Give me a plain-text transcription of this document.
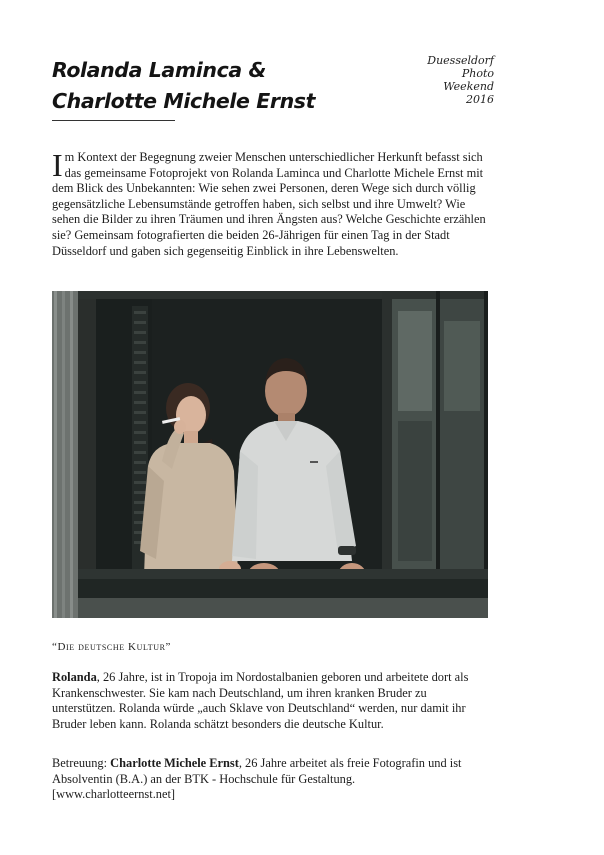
Rolanda Laminca &
Charlotte Michele Ernst
Duesseldorf
Photo
Weekend
2016
Im Kontext der Begegnung zweier Menschen unterschiedlicher Herkunft befasst sich das gemeinsame Fotoprojekt von Rolanda Laminca und Charlotte Michele Ernst mit dem Blick des Unbekannten: Wie sehen zwei Personen, deren Wege sich durch völlig gegensätzliche Lebensumstände getroffen haben, sich selbst und ihre Umwelt? Wie sehen die Bilder zu ihren Träumen und ihren Ängsten aus? Welche Geschichte erzählen sie? Gemeinsam fotografierten die beiden 26-Jährigen für einen Tag in der Stadt Düsseldorf und gaben sich gegenseitig Einblick in ihre Lebenswelten.
“Die deutsche Kultur”

Rolanda, 26 Jahre, ist in Tropoja im Nordostalbanien geboren und arbeitete dort als Krankenschwester. Sie kam nach Deutschland, um ihren kranken Bruder zu unterstützen. Rolanda würde „auch Sklave von Deutschland“ werden, nur damit ihr Bruder leben kann. Rolanda schätzt besonders die deutsche Kultur.

Betreuung: Charlotte Michele Ernst, 26 Jahre arbeitet als freie Fotografin und ist Absolventin (B.A.) an der BTK - Hochschule für Gestaltung.
[www.charlotteernst.net]
